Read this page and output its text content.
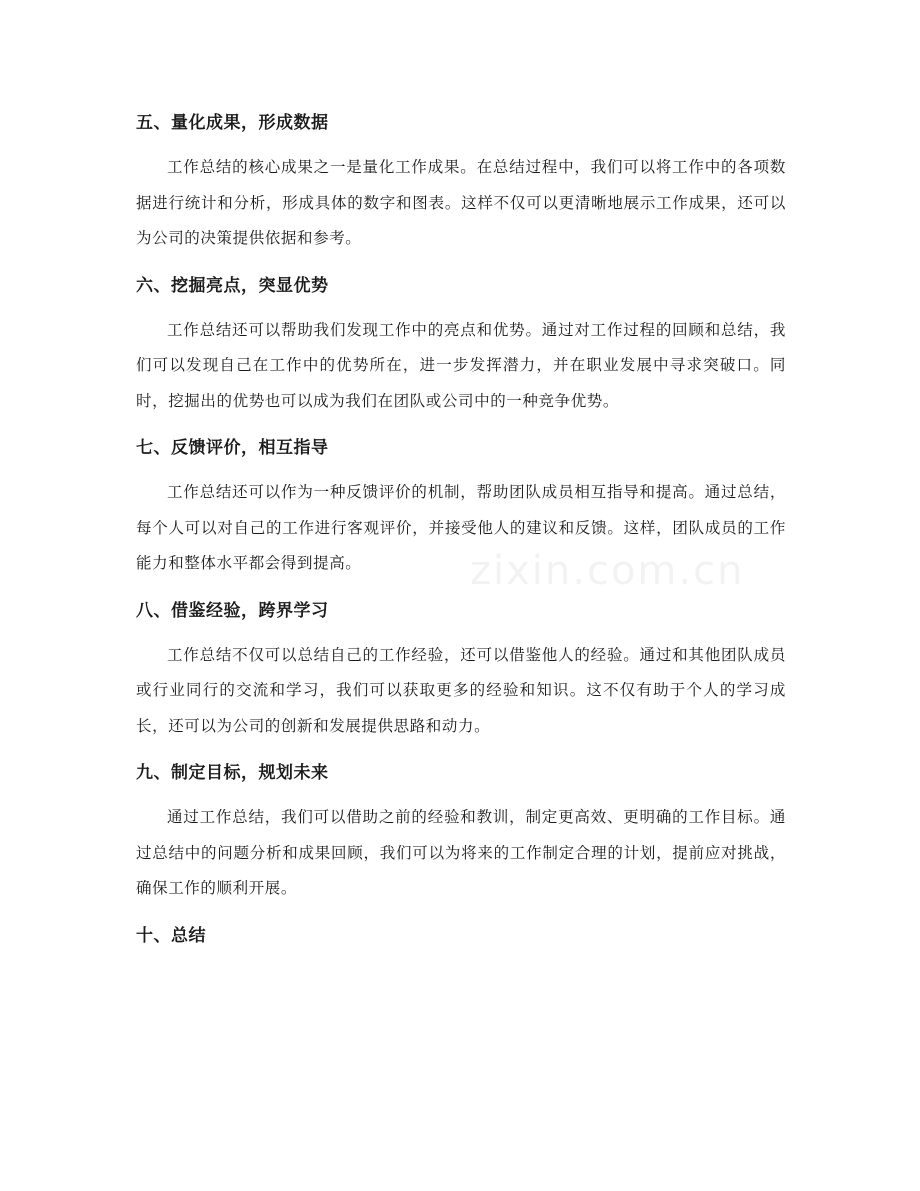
五、量化成果，形成数据

工作总结的核心成果之一是量化工作成果。在总结过程中，我们可以将工作中的各项数据进行统计和分析，形成具体的数字和图表。这样不仅可以更清晰地展示工作成果，还可以为公司的决策提供依据和参考。

六、挖掘亮点，突显优势

工作总结还可以帮助我们发现工作中的亮点和优势。通过对工作过程的回顾和总结，我们可以发现自己在工作中的优势所在，进一步发挥潜力，并在职业发展中寻求突破口。同时，挖掘出的优势也可以成为我们在团队或公司中的一种竞争优势。

七、反馈评价，相互指导

工作总结还可以作为一种反馈评价的机制，帮助团队成员相互指导和提高。通过总结，每个人可以对自己的工作进行客观评价，并接受他人的建议和反馈。这样，团队成员的工作能力和整体水平都会得到提高。

八、借鉴经验，跨界学习

工作总结不仅可以总结自己的工作经验，还可以借鉴他人的经验。通过和其他团队成员或行业同行的交流和学习，我们可以获取更多的经验和知识。这不仅有助于个人的学习成长，还可以为公司的创新和发展提供思路和动力。

九、制定目标，规划未来

通过工作总结，我们可以借助之前的经验和教训，制定更高效、更明确的工作目标。通过总结中的问题分析和成果回顾，我们可以为将来的工作制定合理的计划，提前应对挑战，确保工作的顺利开展。

十、总结
zixin.com.cn
